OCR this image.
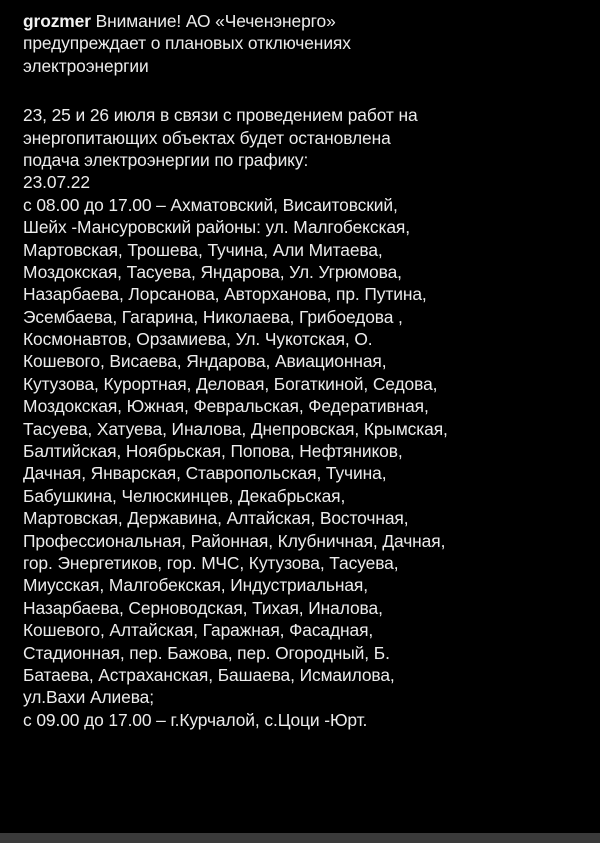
grozmer Внимание! АО «Чеченэнерго»
предупреждает о плановых отключениях
электроэнергии
23, 25 и 26 июля в связи с проведением работ на
энергопитающих объектах будет остановлена
подача электроэнергии по графику:
23.07.22
с 08.00 до 17.00 – Ахматовский, Висаитовский,
Шейх -Мансуровский районы: ул. Малгобекская,
Мартовская, Трошева, Тучина, Али Митаева,
Моздокская, Тасуева, Яндарова, Ул. Угрюмова,
Назарбаева, Лорсанова, Авторханова, пр. Путина,
Эсембаева, Гагарина, Николаева, Грибоедова ,
Космонавтов, Орзамиева, Ул. Чукотская, О.
Кошевого, Висаева, Яндарова, Авиационная,
Кутузова, Курортная, Деловая, Богаткиной, Седова,
Моздокская, Южная, Февральская, Федеративная,
Тасуева, Хатуева, Иналова, Днепровская, Крымская,
Балтийская, Ноябрьская, Попова, Нефтяников,
Дачная, Январская, Ставропольская, Тучина,
Бабушкина, Челюскинцев, Декабрьская,
Мартовская, Державина, Алтайская, Восточная,
Профессиональная, Районная, Клубничная, Дачная,
гор. Энергетиков, гор. МЧС, Кутузова, Тасуева,
Миусская, Малгобекская, Индустриальная,
Назарбаева, Серноводская, Тихая, Иналова,
Кошевого, Алтайская, Гаражная, Фасадная,
Стадионная, пер. Бажова, пер. Огородный, Б.
Батаева, Астраханская, Башаева, Исмаилова,
ул.Вахи Алиева;
с 09.00 до 17.00 – г.Курчалой, с.Цоци -Юрт.
